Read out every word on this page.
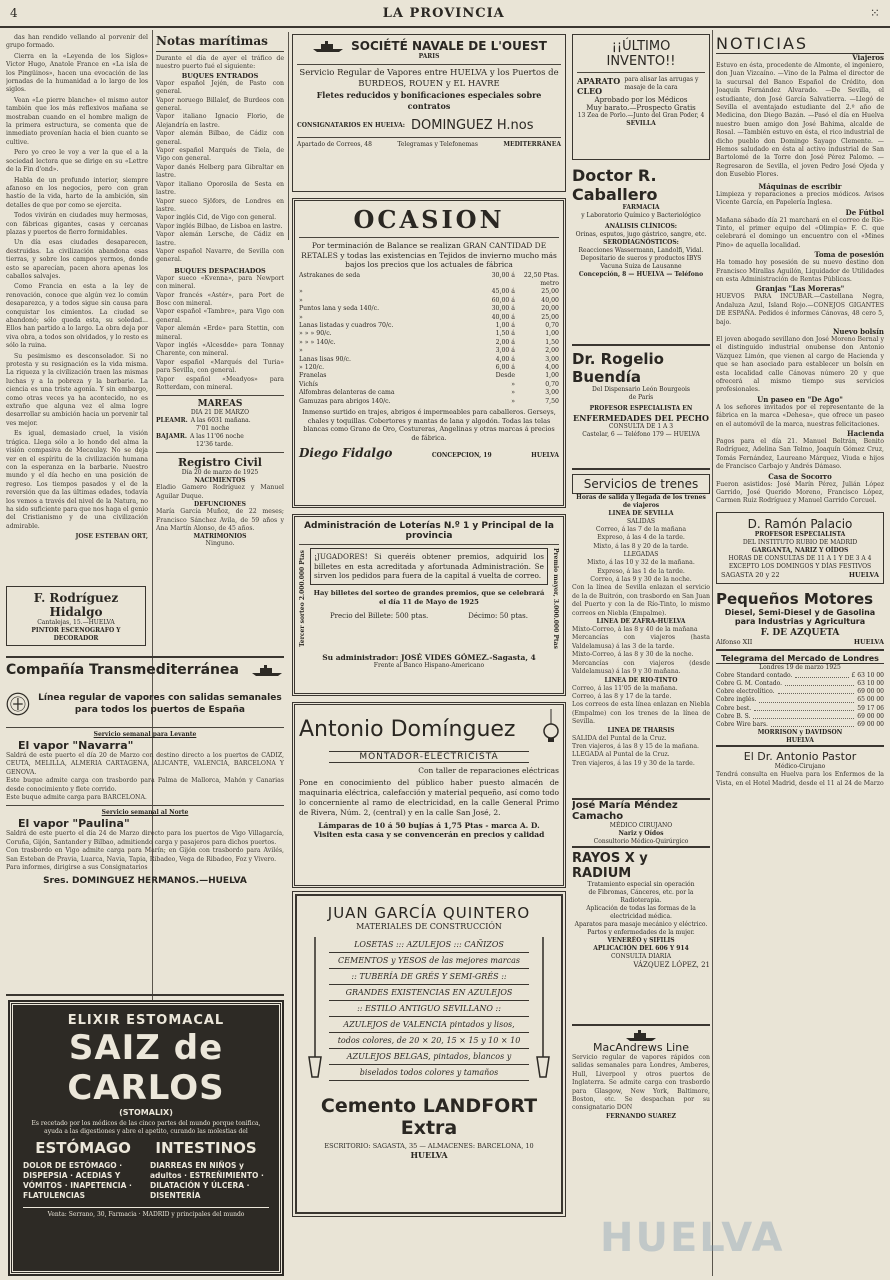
4	LA PROVINCIA	⁙

das han rendido vellando al porvenir del grupo formado.

Cierra en la «Leyenda de los Siglos» Victor Hugo, Anatole France en «La isla de los Pingüinos», hacen una evocación de las jornadas de la humanidad a lo largo de los siglos.

Vean «Le pierre blanche» el mismo autor también que los más reflexivos mañana se mostraban cuando en el hombre malign de la primera estructura, se comenta que de inmediato provenían hacia el bien cuanto se cultive.

Pero yo creo le voy a ver la que el a la sociedad lectora que se dirige en su «Lettre de la Fin d'ond».

Habla de un profundo interior, siempre afanoso en los negocios, pero con gran hastío de la vida, harto de la ambición, sin detalles de que por como se ejercita.

Todos vivirán en ciudades muy hermosas, con fábricas gigantes, casas y cercanas plazas y puertos de fierro formidables.

Un día esas ciudades desaparecen, destruidas. La civilización abandona esas tierras, y sobre los campos yermos, donde esto se aparecían, pacen ahora apenas los caballos salvajes.

Como Francia en esta a la ley de renovación, conoce que algún vez lo común desaparezca, y a todos sigue sin causa para conquistar los cimientos. La ciudad se abandonó; sólo queda esta, su soledad... Ellos han partido a lo largo. La obra deja por viva obra, a todos son olvidados, y lo resto es sólo la ruina.

Su pesimismo es desconsolador. Si no protesta y su resignación es la vida misma. La riqueza y la civilización traen las mismas luchas y a la pobreza y la barbarie. La ciencia es una triste agonía. Y sin embargo, como otras veces ya ha acontecido, no es extraño que alguna vez el alma logre desarrollar su ambición hacia un porvenir tal ves mejor.

Es igual, demasiado cruel, la visión trágica. Llega sólo a lo hondo del alma la visión compasiva de Mecaulay. No se deja ver en el espíritu de la civilización humana con la esperanza en la barbarie. Nuestro mundo y el día hecho en una posición de regreso. Los tiempos pasados y el de la reversión que da las últimas edades, todavía los vemos a través del nivel de la Natura, no ha sido suficiente para que nos haga el genio del Cristianismo y de una civilización admirable.

JOSE ESTEBAN ORT,
Notas marítimas
Durante el día de ayer el tráfico de nuestro puerto fué el siguiente:
BUQUES ENTRADOS
Vapor español Jején, de Pasto con general.
Vapor noruego Billalef, de Burdeos con general.
Vapor italiano Ignacio Florio, de Alejandría en lastre.
Vapor alemán Bilbao, de Cádiz con general.
Vapor español Marqués de Tiela, de Vigo con general.
Vapor danés Helberg para Gibraltar en lastre.
Vapor italiano Oporosila de Sesta en lastre.
Vapor sueco Sjöfors, de Londres en lastre.
Vapor inglés Cid, de Vigo con general.
Vapor inglés Bilbao, de Lisboa en lastre.
Vapor alemán Lersche, de Cádiz en lastre.
Vapor español Navarre, de Sevilla con general.
BUQUES DESPACHADOS
Vapor sueco «Kvenna», para Newport con mineral.
Vapor francés «Astér», para Port de Bosc con mineral.
Vapor español «Tambre», para Vigo con general.
Vapor alemán «Erde» para Stettin, con mineral.
Vapor inglés «Alcesdde» para Tonnay Charente, con mineral.
Vapor español «Marqués del Turia» para Sevilla, con general.
Vapor español «Meadyos» para Rotterdam, con mineral.
MAREAS
DIA 21 DE MARZO
PLEAMR. A las 6031 mañana.
7'01 noche
BAJAMR. A las 11'06 noche
12'36 tarde.
Registro Civil
Día 20 de marzo de 1925
NACIMIENTOS
Eladio Gamero Rodríguez y Manuel Aguilar Duque.
DEFUNCIONES
María García Muñoz, de 22 meses; Francisco Sánchez Avila, de 59 años y Ana Martín Alonso, de 45 años.
MATRIMONIOS
Ninguno.
F. Rodríguez Hidalgo
Cantalejas, 15.—HUELVA
PINTOR ESCENOGRAFO Y DECORADOR
Compañía Transmediterránea
Línea regular de vapores con salidas semanales para todos los puertos de España
Servicio semanal para Levante
El vapor "Navarra"
Saldrá de este puerto el día 20 de Marzo con destino directo a los puertos de CADIZ, CEUTA, MELILLA, ALMERIA CARTAGENA, ALICANTE, VALENCIA, BARCELONA Y GENOVA.
Este buque admite carga con trasbordo para Palma de Mallorca, Mahón y Canarias desde conocimiento y flete corrido.
Este buque admite carga para BARCELONA.
Servicio semanal al Norte
El vapor "Paulina"
Saldrá de este puerto el día 24 de Marzo directo para los puertos de Vigo Villagarcía, Coruña, Gijón, Santander y Bilbao, admitiendo carga y pasajeros para dichos puertos.
Con trasbordo en Vigo admite carga para Marín; en Gijón con trasbordo para Avilés, San Esteban de Pravia, Luarca, Navia, Tapia, Ribadeo, Vega de Ribadeo, Foz y Vivero.
Para informes, dirigirse a sus Consignatarios
Sres. DOMINGUEZ HERMANOS.—HUELVA
ELIXIR ESTOMACAL
SAIZ de CARLOS
(STOMALIX)
Es recetado por los médicos de las cinco partes del mundo porque tonifica, ayuda a las digestiones y abre el apetito, curando las molestias del
ESTÓMAGO INTESTINOS
DOLOR DE ESTÓMAGO · DISPEPSIA · ACEDIAS Y VÓMITOS · INAPETENCIA · FLATULENCIAS
DIARREAS EN NIÑOS y adultos · ESTREÑIMIENTO · DILATACIÓN Y ÚLCERA · DISENTERÍA
Venta: Serrano, 30, Farmacia · MADRID y principales del mundo
SOCIÉTÉ NAVALE DE L'OUEST
PARIS
Servicio Regular de Vapores entre HUELVA y los Puertos de BURDEOS, ROUEN y EL HAVRE
Fletes reducidos y bonificaciones especiales sobre contratos
CONSIGNATARIOS EN HUELVA: DOMINGUEZ H.nos
Apartado de Correos, 48	Telegramas y Telefonemas	MEDITERRÁNEA
OCASION
Por terminación de Balance se realizan GRAN CANTIDAD DE RETALES y todas las existencias en Tejidos de invierno mucho más bajos los precios que los actuales de fábrica
Astrakanes de seda	30,00 á	22,50 Ptas. metro
»	45,00 á	25,00
»	60,00 á	40,00
Puntos lana y seda 140/c.	30,00 á	20,00
»	40,00 á	25,00
Lanas listadas y cuadros 70/c.	1,00 á	0,70
» » » 90/c.	1,50 á	1,00
» » » 140/c.	2,00 á	1,50
»	3,00 á	2,00
Lanas lisas 90/c.	4,00 á	3,00
» 120/c.	6,00 á	4,00
Franelas	Desde	1,00
Vichís	»	0,70
Alfombras delanteras de cama	»	3,00
Gamuzas para abrigos 140/c.	»	7,50
Inmenso surtido en trajes, abrigos é impermeables para caballeros. Gerseys, chales y toquillas. Cobertores y mantas de lana y algodón. Todas las telas blancas como Grano de Oro, Costureras, Angelinas y otras marcas á precios de fábrica.
Diego Fidalgo	CONCEPCION, 19	HUELVA
Administración de Loterías N.º 1 y Principal de la provincia
Tercer sorteo 2.000.000 Ptas	¡JUGADORES! Si queréis obtener premios, adquirid los billetes en esta acreditada y afortunada Administración. Se sirven los pedidos para fuera de la capital á vuelta de correo.
Hay billetes del sorteo de grandes premios, que se celebrará el día 11 de Mayo de 1925
Precio del Billete: 500 ptas.	Décimo: 50 ptas.	Premio mayor, 3.000.000 Ptas
Su administrador: JOSÉ VIDES GÓMEZ.-Sagasta, 4
Frente al Banco Hispano-Americano
Antonio Domínguez
MONTADOR-ELECTRICISTA
Con taller de reparaciones eléctricas
Pone en conocimiento del público haber puesto almacén de maquinaria eléctrica, calefacción y material pequeño, así como todo lo concerniente al ramo de electricidad, en la calle General Primo de Rivera, Núm. 2, (central) y en la calle San José, 2.
Lámparas de 10 á 50 bujías á 1,75 Ptas - marca A. D.
Visiten esta casa y se convencerán en precios y calidad
JUAN GARCÍA QUINTERO
MATERIALES DE CONSTRUCCIÓN
LOSETAS ::: AZULEJOS ::: CAÑIZOS
CEMENTOS y YESOS de las mejores marcas
:: TUBERÍA DE GRÉS Y SEMI-GRÉS ::
GRANDES EXISTENCIAS EN AZULEJOS
:: ESTILO ANTIGUO SEVILLANO ::
AZULEJOS de VALENCIA pintados y lisos,
todos colores, de 20 × 20, 15 × 15 y 10 × 10
AZULEJOS BELGAS, pintados, blancos y
biselados todos colores y tamaños
Cemento LANDFORT Extra
ESCRITORIO: SAGASTA, 35 — ALMACENES: BARCELONA, 10
HUELVA
¡¡ÚLTIMO
INVENTO!!
APARATO CLEO
para alisar las arrugas y masaje de la cara
Aprobado por los Médicos
Muy barato.—Prospecto Gratis
13 Zea de Porlo.—Junto del Gran Poder, 4
SEVILLA
Doctor R. Caballero
FARMACIA
y Laboratorio Químico y Bacteriológico
ANÁLISIS CLÍNICOS:
Orinas, esputos, jugo gástrico, sangre, etc.
SERODIAGNÓSTICOS:
Reacciones Wassermann, Landolfi, Vidal. Depositario de sueros y productos IBYS
Vacuna Suiza de Lausanne
Concepción, 8 — HUELVA — Teléfono
Dr. Rogelio Buendía
Del Dispensario León Bourgeois
de París
PROFESOR ESPECIALISTA EN
ENFERMEDADES DEL PECHO
CONSULTA DE 1 A 3
Castelar, 6 — Teléfono 179 — HUELVA
Servicios de trenes
Horas de salida y llegada de los trenes de viajeros
LINEA DE SEVILLA
SALIDAS
Correo, á las 7 de la mañana
Expreso, á las 4 de la tarde.
Mixto, á las 8 y 20 de la tarde.
LLEGADAS
Mixto, á las 10 y 32 de la mañana.
Expreso, á las 1 de la tarde.
Correo, á las 9 y 30 de la noche.
Con la línea de Sevilla enlazan el servicio de la de Buitrón, con trasbordo en San Juan del Puerto y con la de Río-Tinto, lo mismo correos en Niebla (Empalme).
LINEA DE ZAFRA-HUELVA
Mixto-Correo, á las 8 y 40 de la mañana
Mercancías con viajeros (hasta Valdelamusa) á las 3 de la tarde.
Mixto-Correo, á las 8 y 30 de la noche.
Mercancías con viajeros (desde Valdelamusa) á las 9 y 30 mañana.
LINEA DE RIO-TINTO
Correo, á las 11'05 de la mañana.
Correo, á las 8 y 17 de la tarde.
Los correos de esta línea enlazan en Niebla (Empalme) con los trenes de la línea de Sevilla.
LINEA DE THARSIS
SALIDA del Puntal de la Cruz.
Tren viajeros, á las 8 y 15 de la mañana.
LLEGADA al Puntal de la Cruz.
Tren viajeros, á las 19 y 30 de la tarde.
José María Méndez Camacho
MÉDICO CIRUJANO
Nariz y Oídos
Consultorio Médico-Quirúrgico
RAYOS X y RADIUM
Tratamiento especial sin operación
de Fibromas, Cánceres, etc. por la Radioterapia.
Aplicación de todas las formas de la electricidad médica.
Aparatos para masaje mecánico y eléctrico.
Partos y enfermedades de la mujer.
VENERÉO y SIFILIS
APLICACIÓN DEL 606 Y 914
CONSULTA DIARIA
VÁZQUEZ LÓPEZ, 21
MacAndrews Line
Servicio regular de vapores rápidos con salidas semanales para Londres, Amberes, Hull, Liverpool y otros puertos de Inglaterra. Se admite carga con trasbordo para Glasgow, New York, Baltimore, Boston, etc. Se despachan por su consignatario DON
FERNANDO SUAREZ
NOTICIAS
Viajeros
Estuvo en ésta, procedente de Almonte, el ingeniero, don Juan Vizcaíno. —Vino de la Palma el director de la sucursal del Banco Español de Crédito, don Joaquín Fernández Alvarado. —De Sevilla, el estudiante, don José García Salvatierra. —Llegó de Sevilla el aventajado estudiante del 2.º año de Medicina, don Diego Bazán. —Pasó el día en Huelva nuestro buen amigo don José Bahima, alcalde de Rosal. —También estuvo en ésta, el rico industrial de dicho pueblo don Domingo Sayago Clemente. —Hemos saludado en ésta al activo industrial de San Bartolomé de la Torre don José Pérez Palomo. —Regresaron de Sevilla, el joven Pedro José Ojeda y don Eusebio Flores.
Máquinas de escribir
Limpieza y reparaciones a precios módicos. Avisos Vicente García, en Papelería Inglesa.
De Fútbol
Mañana sábado día 21 marchará en el correo de Río-Tinto, el primer equipo del «Olimpia» F. C. que celebrará el domingo un encuentro con el «Mines Pino» de aquella localidad.
Toma de posesión
Ha tomado hoy posesión de su nuevo destino don Francisco Mirallas Aguilón, Liquidador de Utilidades en esta Administración de Rentas Públicas.
Granjas "Las Moreras"
HUEVOS PARA INCUBAR.—Castellana Negra, Andaluza Azul, Island Rojo.—CONEJOS GIGANTES DE ESPAÑA. Pedidos é informes Cánovas, 48 cero 5, bajo.
Nuevo bolsín
El joven abogado sevillano don José Moreno Bernal y el distinguido industrial onubense don Antonio Vázquez Limón, que vienen al cargo de Hacienda y que se han asociado para establecer un bolsín en esta localidad calle Cánovas número 20 y que ofrecerá al mismo tiempo sus servicios profesionales.
Un paseo en "De Ago"
A los señores invitados por el representante de la fábrica en la marca «Dehesa», que ofrece un paseo en el automóvil de la marca, nuestras felicitaciones.
Hacienda
Pagos para el día 21. Manuel Beltrán, Benito Rodríguez, Adelina San Telmo, Joaquín Gómez Cruz, Tomás Fernández, Laureano Márquez, Viuda e hijos de Francisco Carbajo y Andrés Dámaso.
Casa de Socorro
Fueron asistidos: José Marín Pérez, Julián López Garrido, José Querido Moreno, Francisco López, Carmen Ruiz Rodríguez y Manuel Garrido Corcuel.
D. Ramón Palacio
PROFESOR ESPECIALISTA
DEL INSTITUTO RUBIO DE MADRID
GARGANTA, NARIZ Y OÍDOS
HORAS DE CONSULTAS DE 11 A 1 Y DE 3 A 4 EXCEPTO LOS DOMINGOS Y DÍAS FESTIVOS
SAGASTA 20 y 22	HUELVA
Pequeños Motores
Diesel, Semi-Diesel y de Gasolina
para Industrias y Agricultura
F. DE AZQUETA
Alfonso XII	HUELVA
Telegrama del Mercado de Londres
Londres 19 de marzo 1925
Cobre Standard contado.	£ 63 10 00
Cobre G. M. Contado.	63 10 00
Cobre electrolítico.	69 00 00
Cobre inglés.	65 00 00
Cobre best.	59 17 06
Cobre B. S.	69 00 00
Cobre Wire bars.	69 00 00
MORRISON y DAVIDSON
HUELVA
El Dr. Antonio Pastor
Médico-Cirujano
Tendrá consulta en Huelva para los Enfermos de la Vista, en el Hotel Madrid, desde el 11 al 24 de Marzo
HUELVA
